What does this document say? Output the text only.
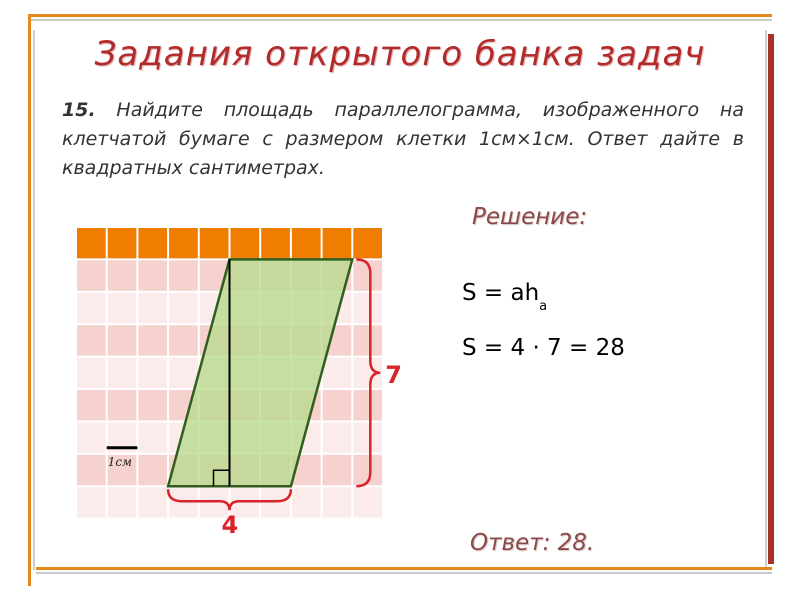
Задания открытого банка задач
15. Найдите площадь параллелограмма, изображенного на клетчатой бумаге с размером клетки 1см×1см. Ответ дайте в квадратных сантиметрах.
Решение:
$S = ah_a$
S = 4 · 7 = 28
Ответ: 28.
1см
7
4
